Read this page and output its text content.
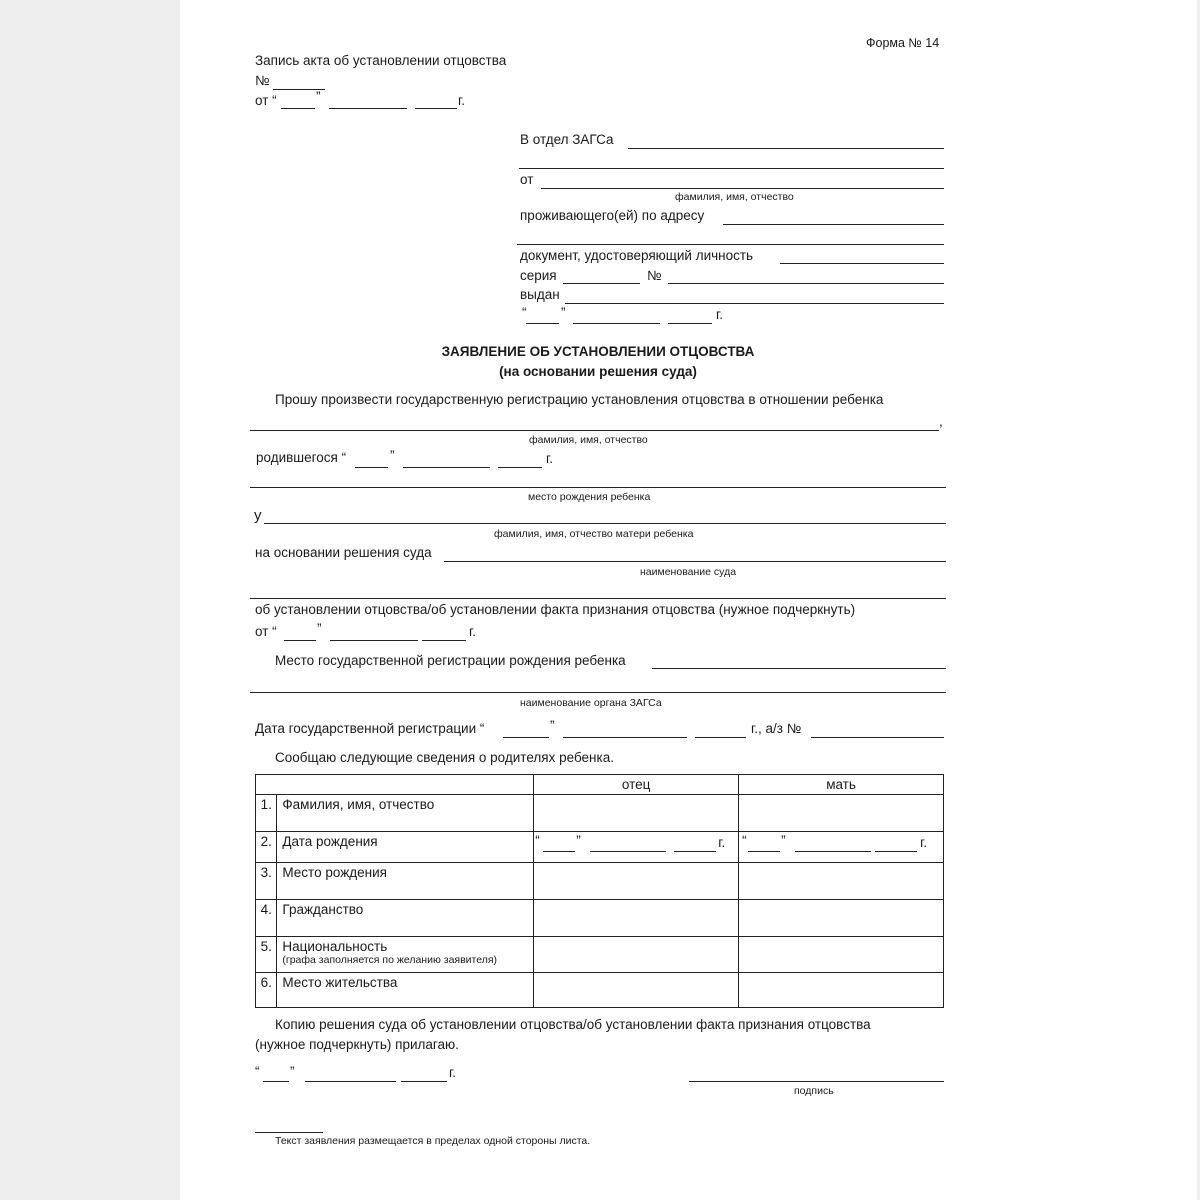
Форма № 14
Запись акта об установлении отцовства
№
от “	”	г.
В отдел ЗАГСа
от
фамилия, имя, отчество
проживающего(ей) по адресу
документ, удостоверяющий личность
серия	№
выдан
“	”	г.
ЗАЯВЛЕНИЕ ОБ УСТАНОВЛЕНИИ ОТЦОВСТВА
(на основании решения суда)
Прошу произвести государственную регистрацию установления отцовства в отношении ребенка
,
фамилия, имя, отчество
родившегося “	”	г.
место рождения ребенка
у
фамилия, имя, отчество матери ребенка
на основании решения суда
наименование суда
об установлении отцовства/об установлении факта признания отцовства (нужное подчеркнуть)
от “	”	г.
Место государственной регистрации рождения ребенка
наименование органа ЗАГСа
Дата государственной регистрации “	”	г., а/з №
Сообщаю следующие сведения о родителях ребенка.
		отец	мать
1.	Фамилия, имя, отчество		
2.	Дата рождения	“ ” г.	“ ” г.

3.	Место рождения		
4.	Гражданство		
5.	Национальность
(графа заполняется по желанию заявителя)		

6.	Место жительства		
Копию решения суда об установлении отцовства/об установлении факта признания отцовства
(нужное подчеркнуть) прилагаю.
“ ”	г.
подпись
Текст заявления размещается в пределах одной стороны листа.
